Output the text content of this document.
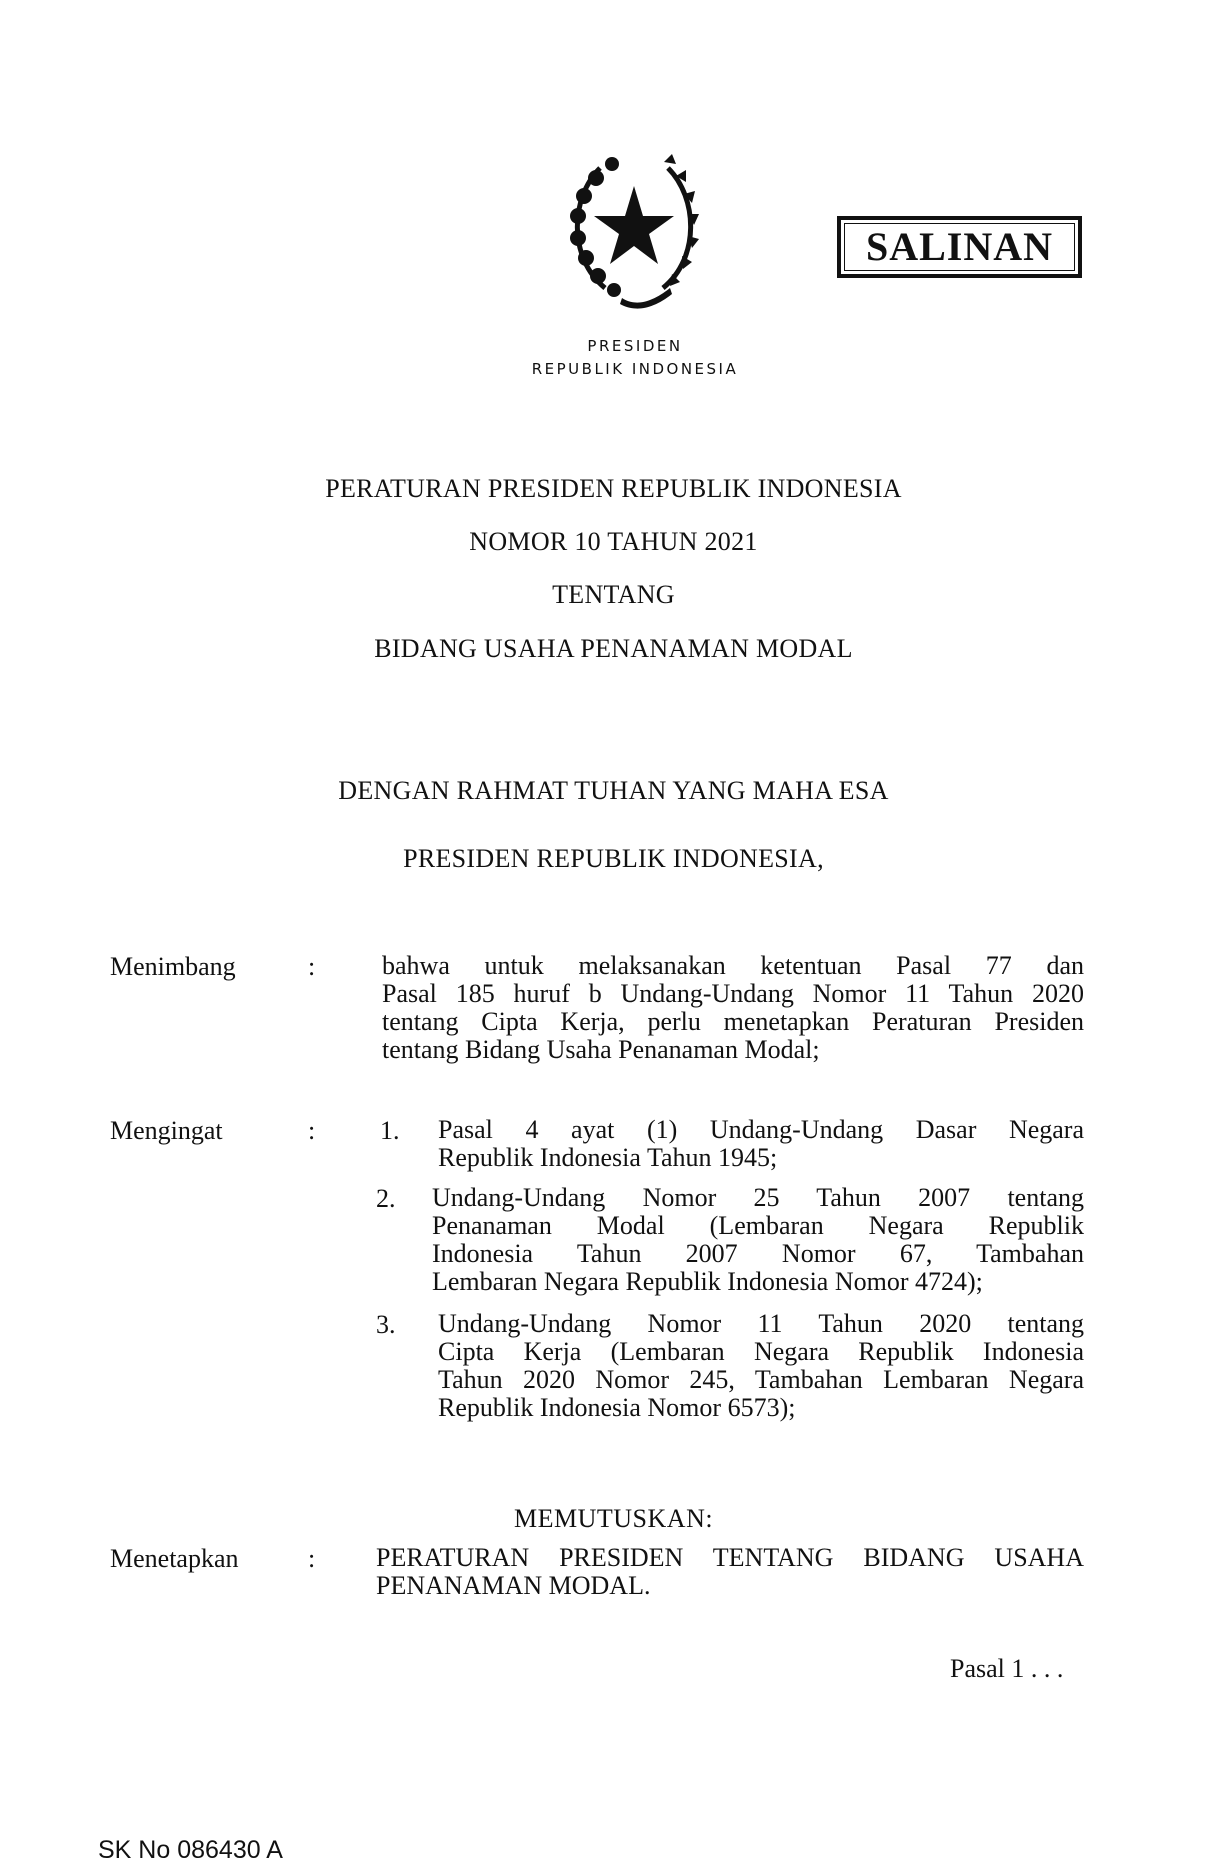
PRESIDEN
REPUBLIK INDONESIA
SALINAN
PERATURAN PRESIDEN REPUBLIK INDONESIA
NOMOR 10 TAHUN 2021
TENTANG
BIDANG USAHA PENANAMAN MODAL
DENGAN RAHMAT TUHAN YANG MAHA ESA
PRESIDEN REPUBLIK INDONESIA,
Menimbang	:	bahwa untuk melaksanakan ketentuan Pasal 77 dan
Pasal 185 huruf b Undang-Undang Nomor 11 Tahun 2020
tentang Cipta Kerja, perlu menetapkan Peraturan Presiden
tentang Bidang Usaha Penanaman Modal;
Mengingat	: 1. Pasal 4 ayat (1) Undang-Undang Dasar Negara
Republik Indonesia Tahun 1945;
2. Undang-Undang Nomor 25 Tahun 2007 tentang
Penanaman Modal (Lembaran Negara Republik
Indonesia Tahun 2007 Nomor 67, Tambahan
Lembaran Negara Republik Indonesia Nomor 4724);
3. Undang-Undang Nomor 11 Tahun 2020 tentang
Cipta Kerja (Lembaran Negara Republik Indonesia
Tahun 2020 Nomor 245, Tambahan Lembaran Negara
Republik Indonesia Nomor 6573);
MEMUTUSKAN:
Menetapkan	: PERATURAN PRESIDEN TENTANG BIDANG USAHA
PENANAMAN MODAL.
Pasal 1 . . .
SK No 086430 A
